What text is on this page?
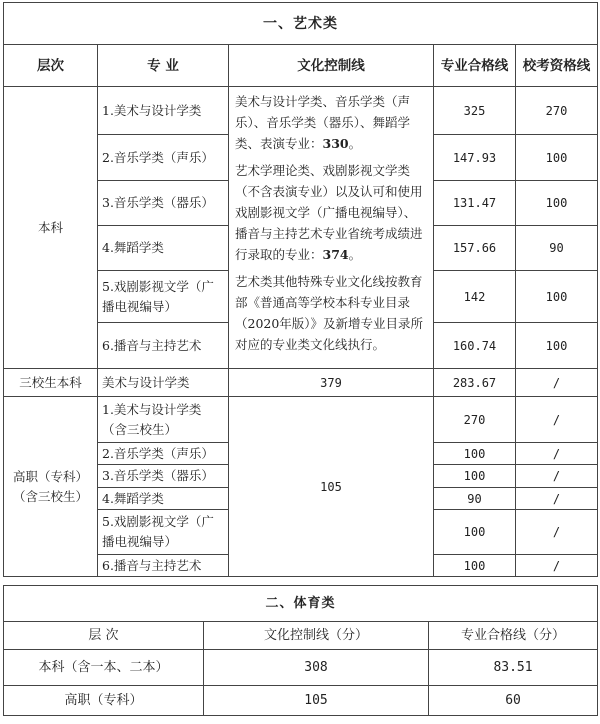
一、艺术类				
层次	专 业	文化控制线	专业合格线	校考资格线
本科	1.美术与设计学类	美术与设计学类、音乐学类（声乐）、音乐学类（器乐）、舞蹈学类、表演专业：330。

艺术学理论类、戏剧影视文学类（不含表演专业）以及认可和使用戏剧影视文学（广播电视编导）、播音与主持艺术专业省统考成绩进行录取的专业：374。

艺术类其他特殊专业文化线按教育部《普通高等学校本科专业目录（2020年版）》及新增专业目录所对应的专业类文化线执行。	325	270
	2.音乐学类（声乐）		147.93	100
	3.音乐学类（器乐）		131.47	100
	4.舞蹈学类		157.66	90
	5.戏剧影视文学（广播电视编导）		142	100
	6.播音与主持艺术		160.74	100
三校生本科	美术与设计学类	379	283.67	/
高职（专科）（含三校生）	1.美术与设计学类（含三校生）	105	270	/
	2.音乐学类（声乐）		100	/
	3.音乐学类（器乐）		100	/
	4.舞蹈学类		90	/
	5.戏剧影视文学（广播电视编导）		100	/
	6.播音与主持艺术		100	/
二、体育类		
层 次	文化控制线（分）	专业合格线（分）
本科（含一本、二本）	308	83.51
高职（专科）	105	60
